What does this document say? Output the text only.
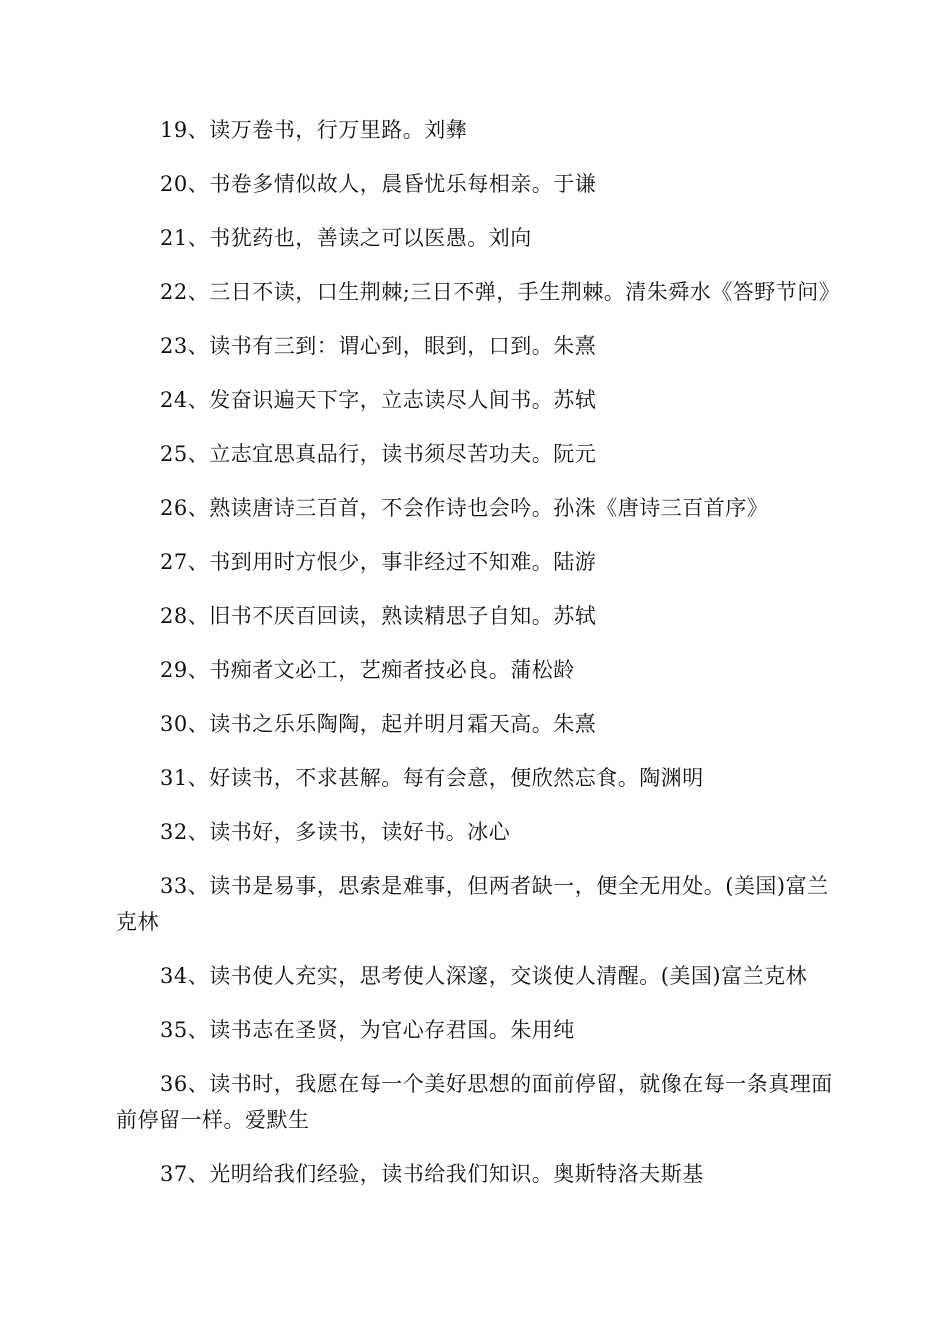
19、读万卷书，行万里路。刘彝

20、书卷多情似故人，晨昏忧乐每相亲。于谦

21、书犹药也，善读之可以医愚。刘向

22、三日不读，口生荆棘;三日不弹，手生荆棘。清朱舜水《答野节问》

23、读书有三到：谓心到，眼到，口到。朱熹

24、发奋识遍天下字，立志读尽人间书。苏轼

25、立志宜思真品行，读书须尽苦功夫。阮元

26、熟读唐诗三百首，不会作诗也会吟。孙洙《唐诗三百首序》

27、书到用时方恨少，事非经过不知难。陆游

28、旧书不厌百回读，熟读精思子自知。苏轼

29、书痴者文必工，艺痴者技必良。蒲松龄

30、读书之乐乐陶陶，起并明月霜天高。朱熹

31、好读书，不求甚解。每有会意，便欣然忘食。陶渊明

32、读书好，多读书，读好书。冰心

33、读书是易事，思索是难事，但两者缺一，便全无用处。(美国)富兰克林

34、读书使人充实，思考使人深邃，交谈使人清醒。(美国)富兰克林

35、读书志在圣贤，为官心存君国。朱用纯

36、读书时，我愿在每一个美好思想的面前停留，就像在每一条真理面前停留一样。爱默生

37、光明给我们经验，读书给我们知识。奥斯特洛夫斯基
